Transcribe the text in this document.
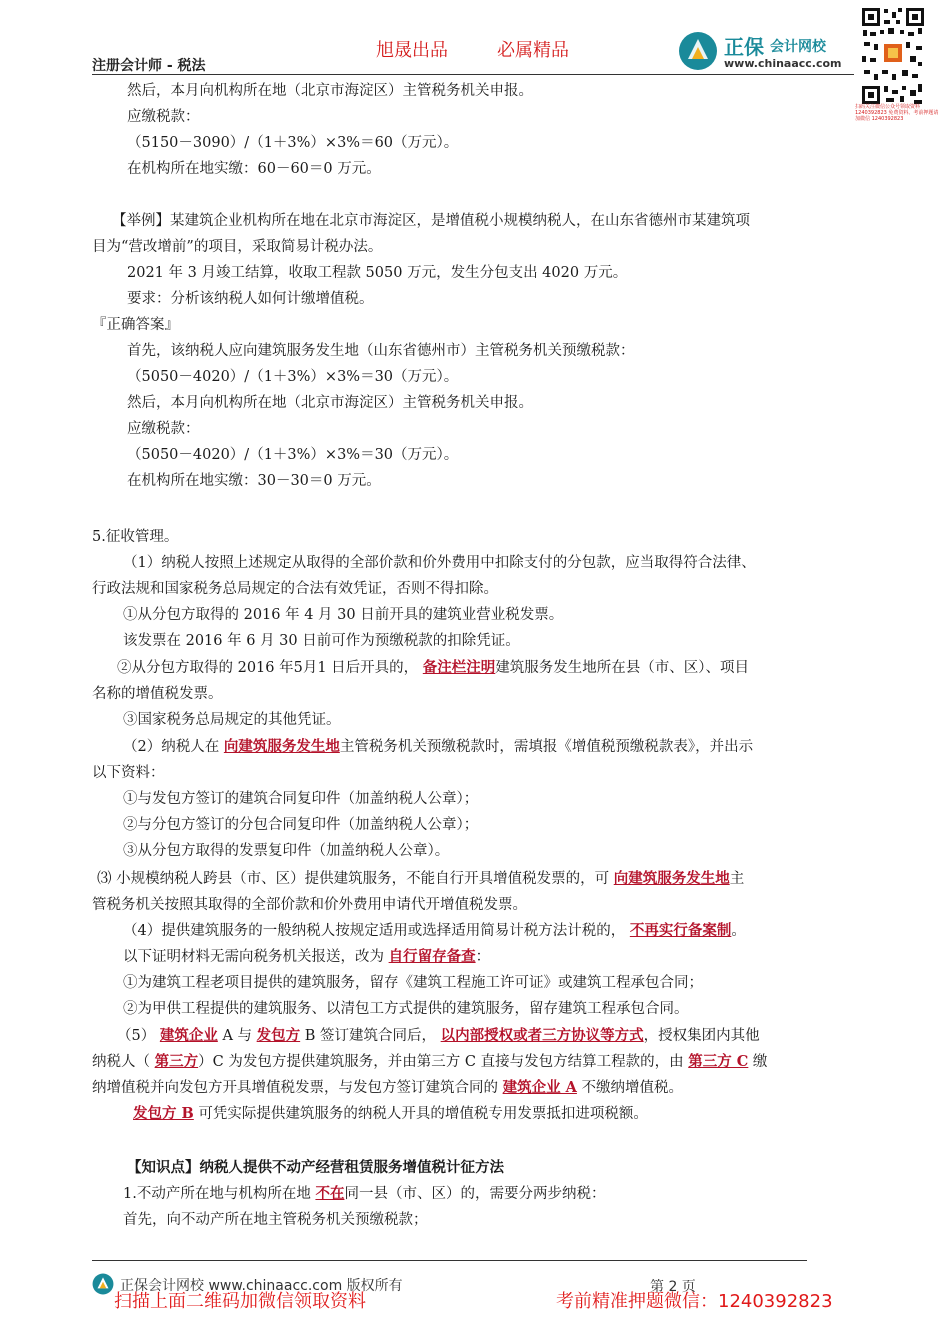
旭晟出品	必属精品
注册会计师 - 税法
正保 会计网校
www.chinaacc.com
扫码关注微信公众号领取资料 1240392823 免费资料、考前押题请加微信 1240392823
然后，本月向机构所在地（北京市海淀区）主管税务机关申报。
应缴税款：
（5150－3090）/（1＋3%）×3%＝60（万元）。
在机构所在地实缴：60－60＝0 万元。
【举例】某建筑企业机构所在地在北京市海淀区，是增值税小规模纳税人，在山东省德州市某建筑项
目为“营改增前”的项目，采取简易计税办法。
2021 年 3 月竣工结算，收取工程款 5050 万元，发生分包支出 4020 万元。
要求：分析该纳税人如何计缴增值税。
『正确答案』
首先，该纳税人应向建筑服务发生地（山东省德州市）主管税务机关预缴税款：
（5050－4020）/（1＋3%）×3%＝30（万元）。
然后，本月向机构所在地（北京市海淀区）主管税务机关申报。
应缴税款：
（5050－4020）/（1＋3%）×3%＝30（万元）。
在机构所在地实缴：30－30＝0 万元。
5.征收管理。
（1）纳税人按照上述规定从取得的全部价款和价外费用中扣除支付的分包款，应当取得符合法律、
行政法规和国家税务总局规定的合法有效凭证，否则不得扣除。
①从分包方取得的 2016 年 4 月 30 日前开具的建筑业营业税发票。
该发票在 2016 年 6 月 30 日前可作为预缴税款的扣除凭证。
②从分包方取得的 2016 年5月1 日后开具的， 备注栏注明建筑服务发生地所在县（市、区）、项目
名称的增值税发票。
③国家税务总局规定的其他凭证。
（2）纳税人在 向建筑服务发生地主管税务机关预缴税款时，需填报《增值税预缴税款表》，并出示
以下资料：
①与发包方签订的建筑合同复印件（加盖纳税人公章）；
②与分包方签订的分包合同复印件（加盖纳税人公章）；
③从分包方取得的发票复印件（加盖纳税人公章）。
⑶ 小规模纳税人跨县（市、区）提供建筑服务，不能自行开具增值税发票的，可 向建筑服务发生地主
管税务机关按照其取得的全部价款和价外费用申请代开增值税发票。
（4）提供建筑服务的一般纳税人按规定适用或选择适用简易计税方法计税的， 不再实行备案制。
以下证明材料无需向税务机关报送，改为 自行留存备查：
①为建筑工程老项目提供的建筑服务，留存《建筑工程施工许可证》或建筑工程承包合同；
②为甲供工程提供的建筑服务、以清包工方式提供的建筑服务，留存建筑工程承包合同。
（5） 建筑企业 A 与 发包方 B 签订建筑合同后， 以内部授权或者三方协议等方式，授权集团内其他
纳税人（ 第三方）C 为发包方提供建筑服务，并由第三方 C 直接与发包方结算工程款的，由 第三方 C 缴
纳增值税并向发包方开具增值税发票，与发包方签订建筑合同的 建筑企业 A 不缴纳增值税。
发包方 B 可凭实际提供建筑服务的纳税人开具的增值税专用发票抵扣进项税额。
【知识点】纳税人提供不动产经营租赁服务增值税计征方法
1.不动产所在地与机构所在地 不在同一县（市、区）的，需要分两步纳税：
首先，向不动产所在地主管税务机关预缴税款；
正保会计网校 www.chinaacc.com 版权所有	第 2 页
扫描上面二维码加微信领取资料	考前精准押题微信：1240392823
